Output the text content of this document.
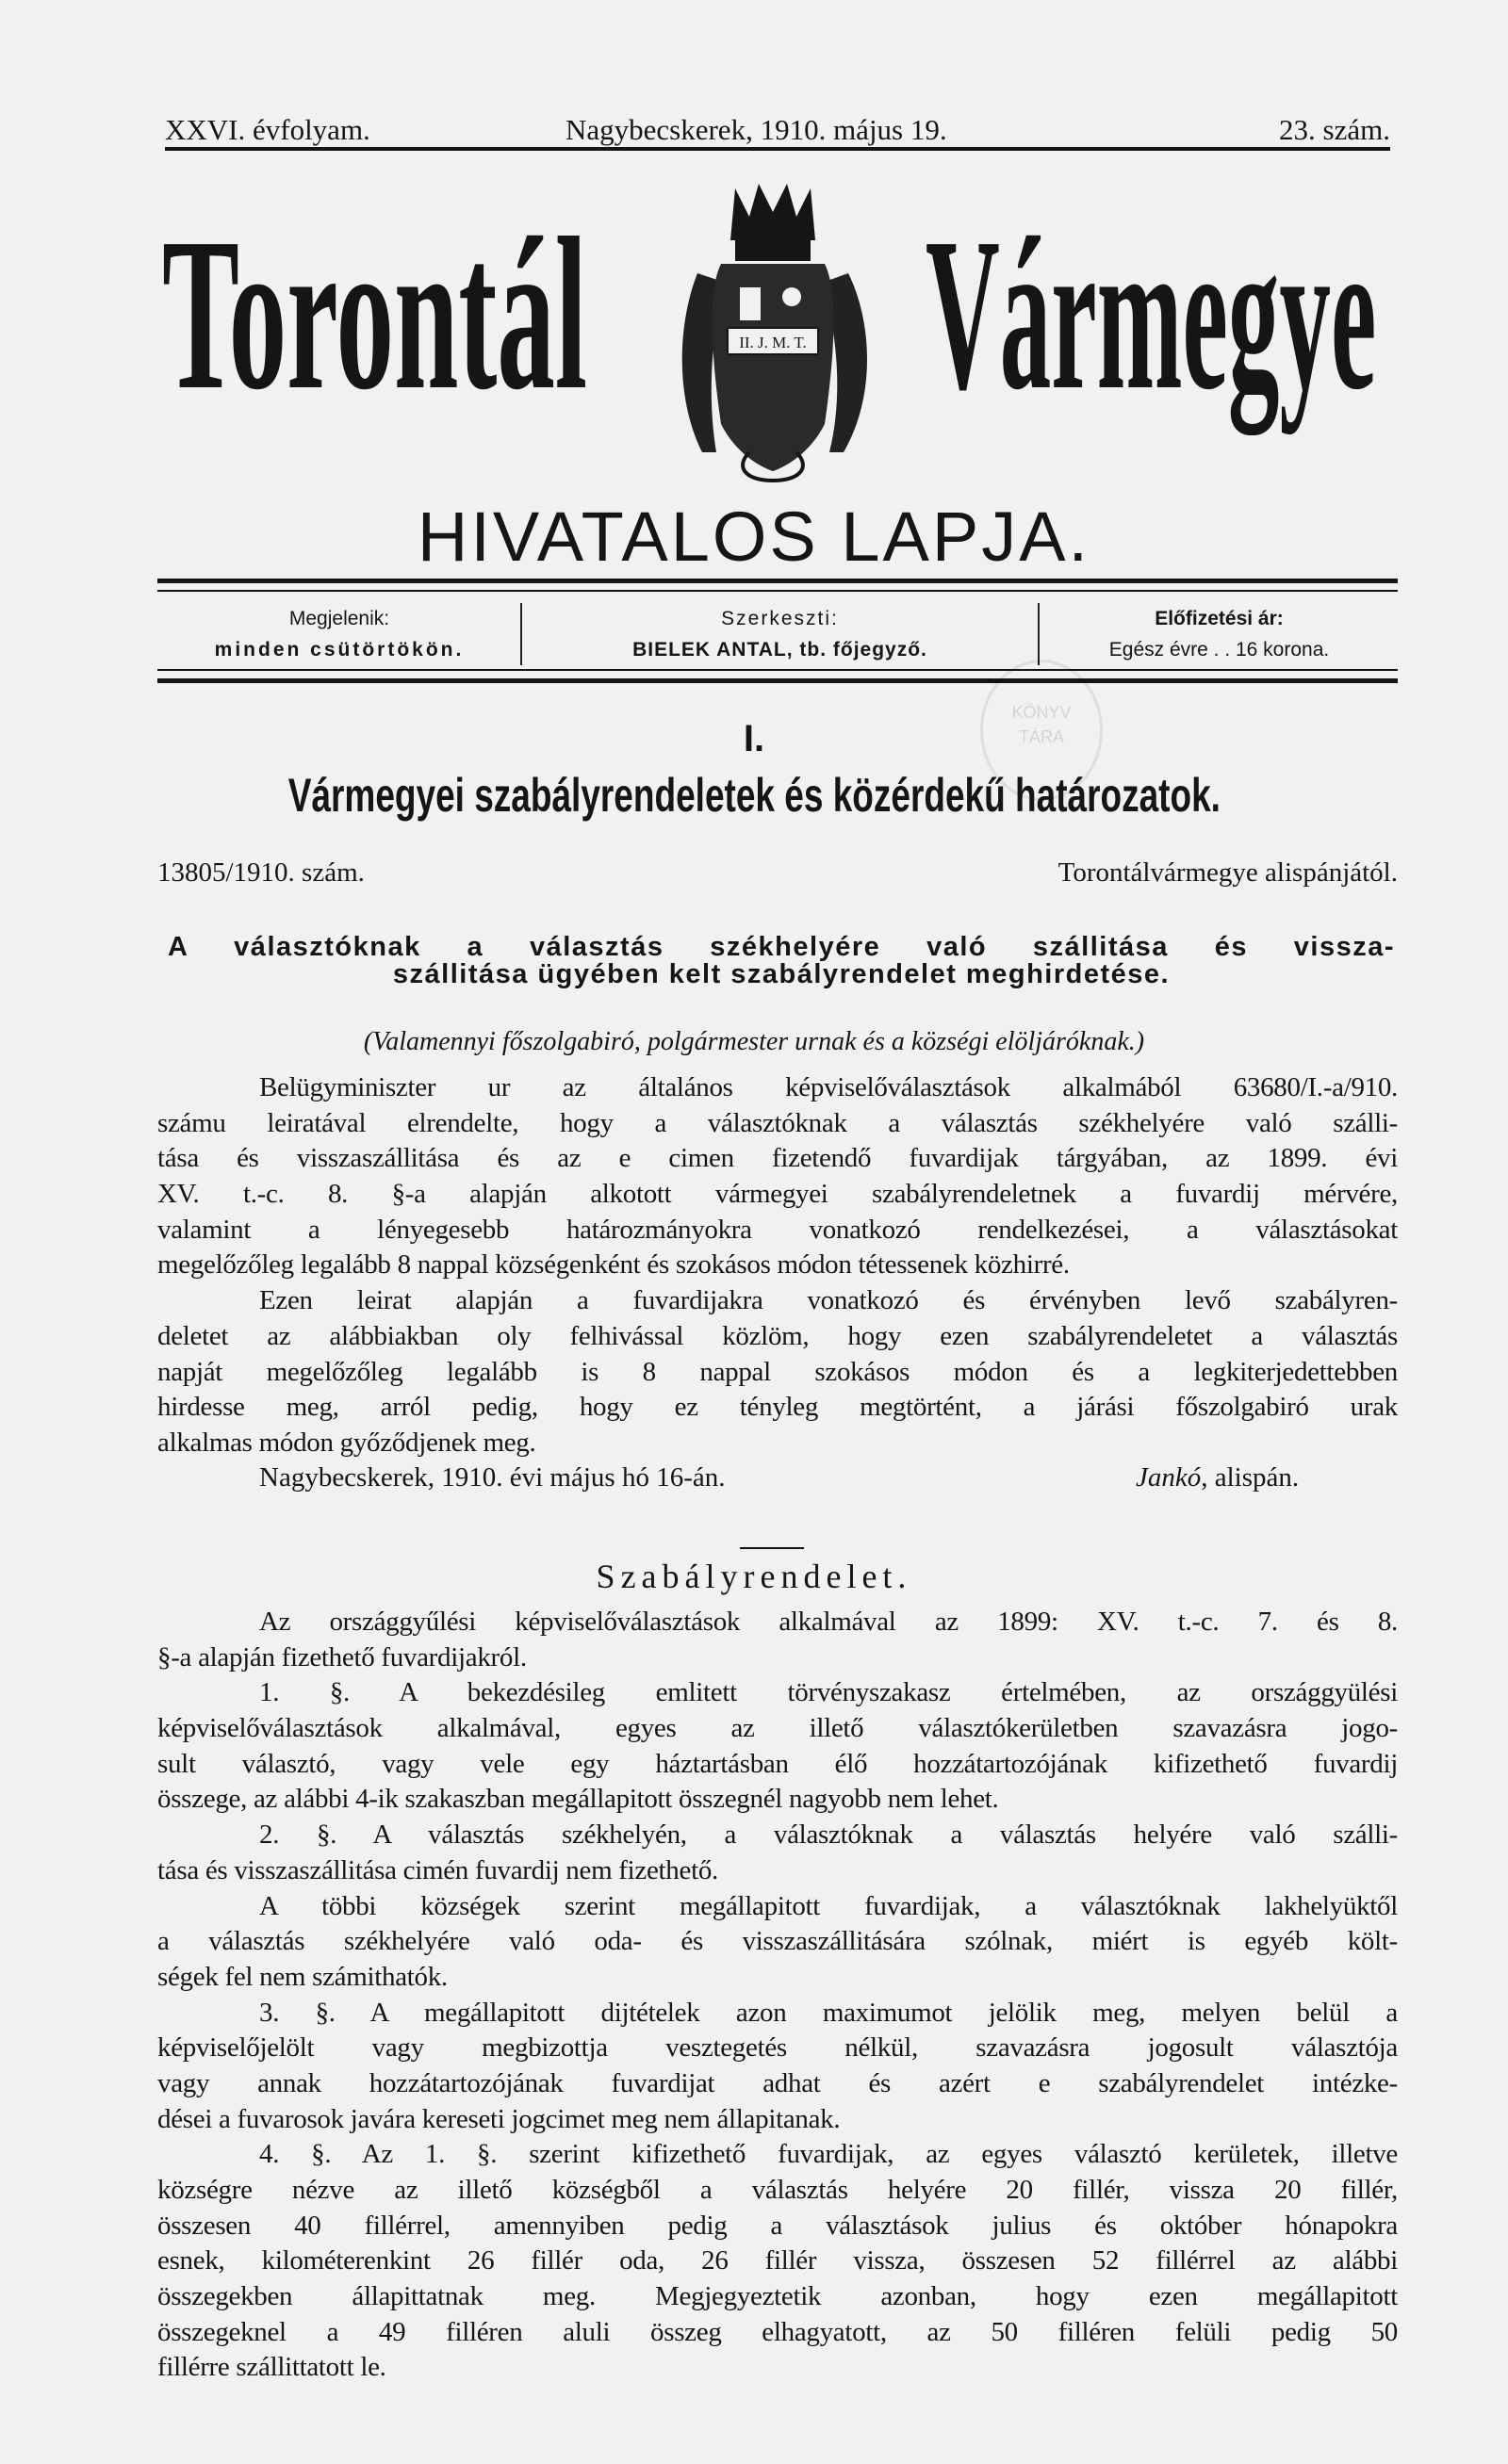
XXVI. évfolyam.	Nagybecskerek, 1910. május 19.	23. szám.
Torontál Vármegye
II. J. M. T.
HIVATALOS LAPJA.
Megjelenik:
minden csütörtökön.
Szerkeszti:
BIELEK ANTAL, tb. főjegyző.
Előfizetési ár:
Egész évre . . 16 korona.
KÖNYV
TÁRA
I.
Vármegyei szabályrendeletek és közérdekű határozatok.
13805/1910. szám.	Torontálvármegye alispánjától.
A választóknak a választás székhelyére való szállitása és vissza-
szállitása ügyében kelt szabályrendelet meghirdetése.
(Valamennyi főszolgabiró, polgármester urnak és a községi elöljáróknak.)
Belügyminiszter ur az általános képviselőválasztások alkalmából 63680/I.-a/910.
számu leiratával elrendelte, hogy a választóknak a választás székhelyére való szálli-
tása és visszaszállitása és az e cimen fizetendő fuvardijak tárgyában, az 1899. évi
XV. t.-c. 8. §-a alapján alkotott vármegyei szabályrendeletnek a fuvardij mérvére,
valamint a lényegesebb határozmányokra vonatkozó rendelkezései, a választásokat
megelőzőleg legalább 8 nappal községenként és szokásos módon tétessenek közhirré.
Ezen leirat alapján a fuvardijakra vonatkozó és érvényben levő szabályren-
deletet az alábbiakban oly felhivással közlöm, hogy ezen szabályrendeletet a választás
napját megelőzőleg legalább is 8 nappal szokásos módon és a legkiterjedettebben
hirdesse meg, arról pedig, hogy ez tényleg megtörtént, a járási főszolgabiró urak
alkalmas módon győződjenek meg.
Nagybecskerek, 1910. évi május hó 16-án.	Jankó, alispán.
Szabályrendelet.
Az országgyűlési képviselőválasztások alkalmával az 1899: XV. t.-c. 7. és 8.
§-a alapján fizethető fuvardijakról.
1. §. A bekezdésileg emlitett törvényszakasz értelmében, az országgyülési
képviselőválasztások alkalmával, egyes az illető választókerületben szavazásra jogo-
sult választó, vagy vele egy háztartásban élő hozzátartozójának kifizethető fuvardij
összege, az alábbi 4-ik szakaszban megállapitott összegnél nagyobb nem lehet.
2. §. A választás székhelyén, a választóknak a választás helyére való szálli-
tása és visszaszállitása cimén fuvardij nem fizethető.
A többi községek szerint megállapitott fuvardijak, a választóknak lakhelyüktől
a választás székhelyére való oda- és visszaszállitására szólnak, miért is egyéb költ-
ségek fel nem számithatók.
3. §. A megállapitott dijtételek azon maximumot jelölik meg, melyen belül a
képviselőjelölt vagy megbizottja vesztegetés nélkül, szavazásra jogosult választója
vagy annak hozzátartozójának fuvardijat adhat és azért e szabályrendelet intézke-
dései a fuvarosok javára kereseti jogcimet meg nem állapitanak.
4. §. Az 1. §. szerint kifizethető fuvardijak, az egyes választó kerületek, illetve
községre nézve az illető községből a választás helyére 20 fillér, vissza 20 fillér,
összesen 40 fillérrel, amennyiben pedig a választások julius és október hónapokra
esnek, kilométerenkint 26 fillér oda, 26 fillér vissza, összesen 52 fillérrel az alábbi
összegekben állapittatnak meg. Megjegyeztetik azonban, hogy ezen megállapitott
összegeknel a 49 filléren aluli összeg elhagyatott, az 50 filléren felüli pedig 50
fillérre szállittatott le.
